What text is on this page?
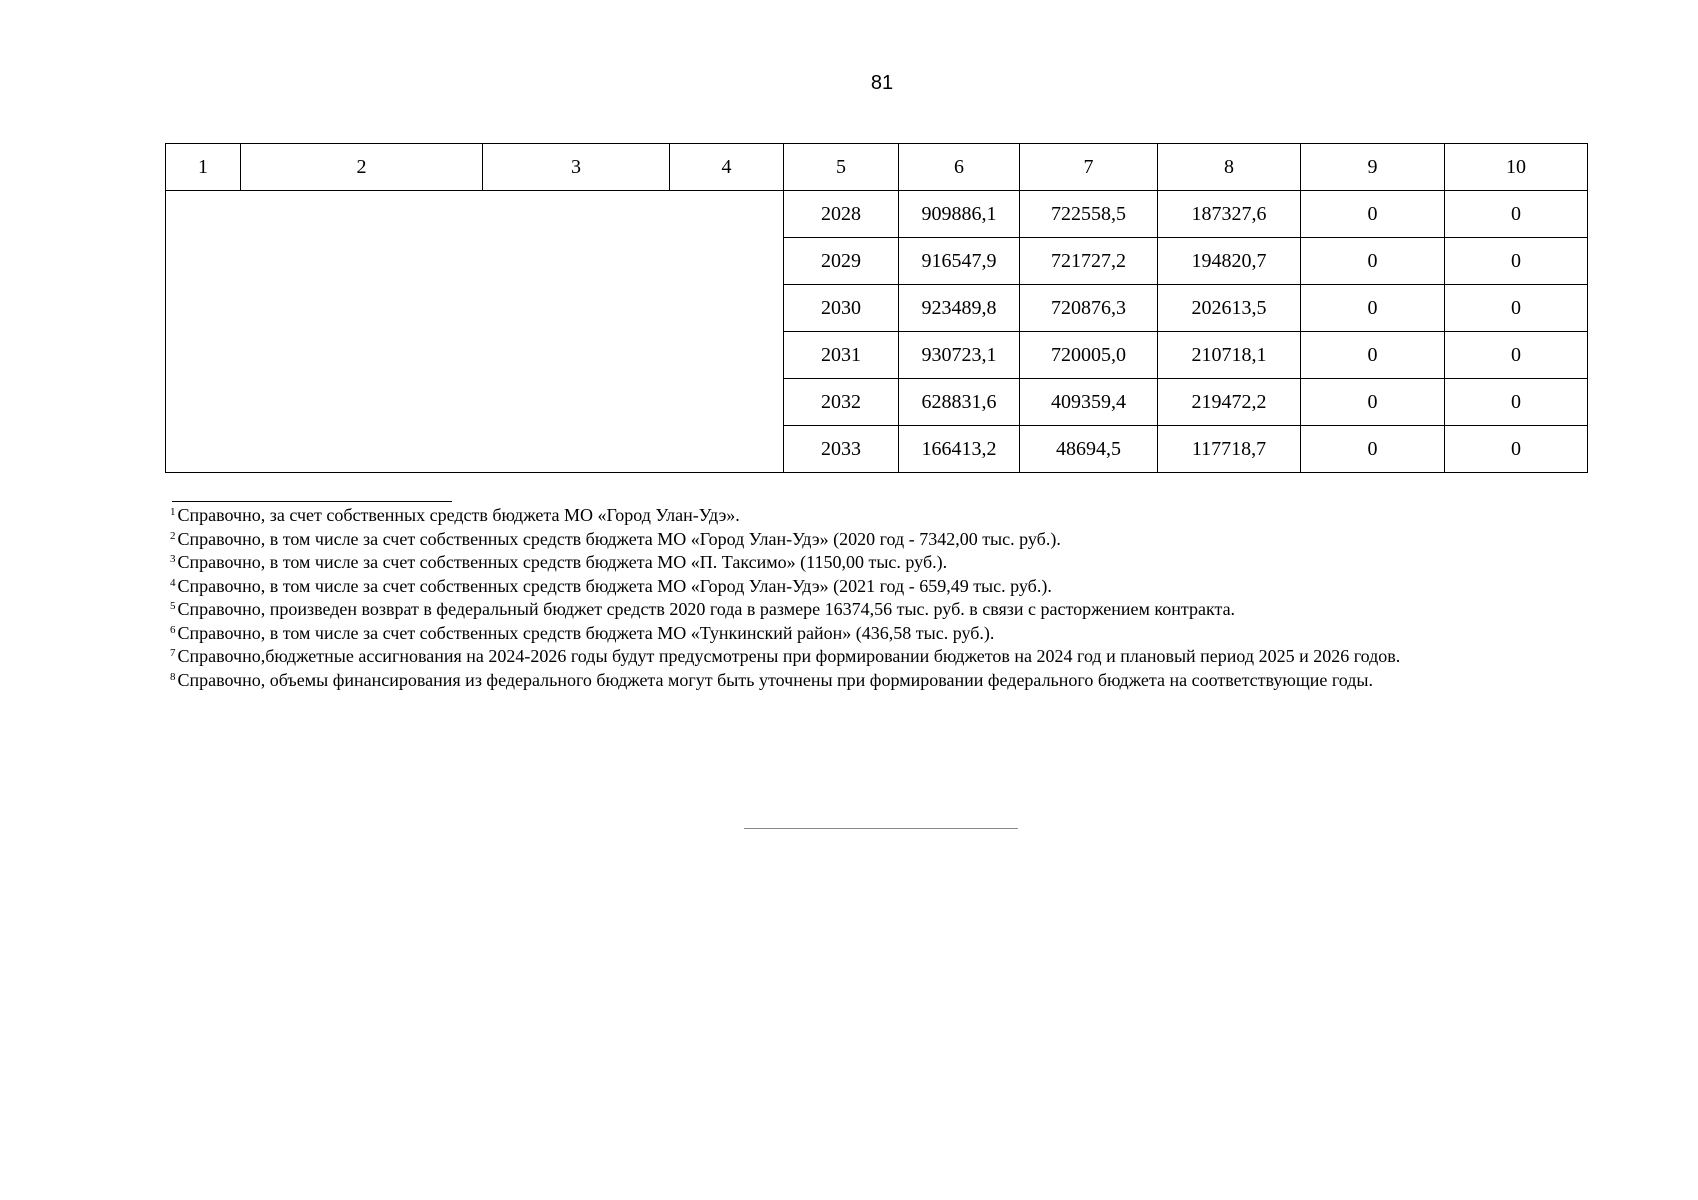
81
1	2	3	4	5	6	7	8	9	10
				2028	909886,1	722558,5	187327,6	0	0
				2029	916547,9	721727,2	194820,7	0	0
				2030	923489,8	720876,3	202613,5	0	0
				2031	930723,1	720005,0	210718,1	0	0
				2032	628831,6	409359,4	219472,2	0	0
				2033	166413,2	48694,5	117718,7	0	0
$^1$ Справочно, за счет собственных средств бюджета МО «Город Улан-Удэ».
$^2$ Справочно, в том числе за счет собственных средств бюджета МО «Город Улан-Удэ» (2020 год - 7342,00 тыс. руб.).
$^3$ Справочно, в том числе за счет собственных средств бюджета МО «П. Таксимо» (1150,00 тыс. руб.).
$^4$ Справочно, в том числе за счет собственных средств бюджета МО «Город Улан-Удэ» (2021 год - 659,49 тыс. руб.).
$^5$ Справочно, произведен возврат в федеральный бюджет средств 2020 года в размере 16374,56 тыс. руб. в связи с расторжением контракта.
$^6$ Справочно, в том числе за счет собственных средств бюджета МО «Тункинский район» (436,58 тыс. руб.).
$^7$ Справочно,бюджетные ассигнования на 2024-2026 годы будут предусмотрены при формировании бюджетов на 2024 год и плановый период 2025 и 2026 годов.
$^8$ Справочно, объемы финансирования из федерального бюджета могут быть уточнены при формировании федерального бюджета на соответствующие годы.
